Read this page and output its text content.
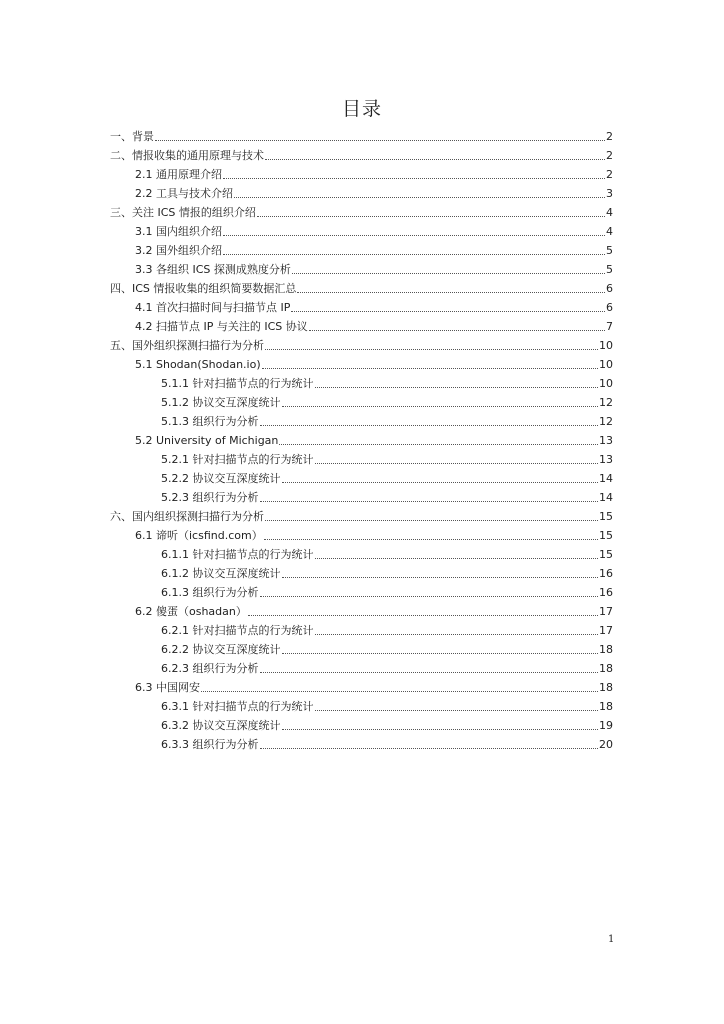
目录
一、背景	2
二、情报收集的通用原理与技术	2
2.1 通用原理介绍	2
2.2 工具与技术介绍	3
三、关注 ICS 情报的组织介绍	4
3.1 国内组织介绍	4
3.2 国外组织介绍	5
3.3 各组织 ICS 探测成熟度分析	5
四、ICS 情报收集的组织简要数据汇总	6
4.1 首次扫描时间与扫描节点 IP	6
4.2 扫描节点 IP 与关注的 ICS 协议	7
五、国外组织探测扫描行为分析	10
5.1 Shodan(Shodan.io)	10
5.1.1 针对扫描节点的行为统计	10
5.1.2 协议交互深度统计	12
5.1.3 组织行为分析	12
5.2 University of Michigan	13
5.2.1 针对扫描节点的行为统计	13
5.2.2 协议交互深度统计	14
5.2.3 组织行为分析	14
六、国内组织探测扫描行为分析	15
6.1 谛听（icsfind.com）	15
6.1.1 针对扫描节点的行为统计	15
6.1.2 协议交互深度统计	16
6.1.3 组织行为分析	16
6.2 傻蛋（oshadan）	17
6.2.1 针对扫描节点的行为统计	17
6.2.2 协议交互深度统计	18
6.2.3 组织行为分析	18
6.3 中国网安	18
6.3.1 针对扫描节点的行为统计	18
6.3.2 协议交互深度统计	19
6.3.3 组织行为分析	20
1
